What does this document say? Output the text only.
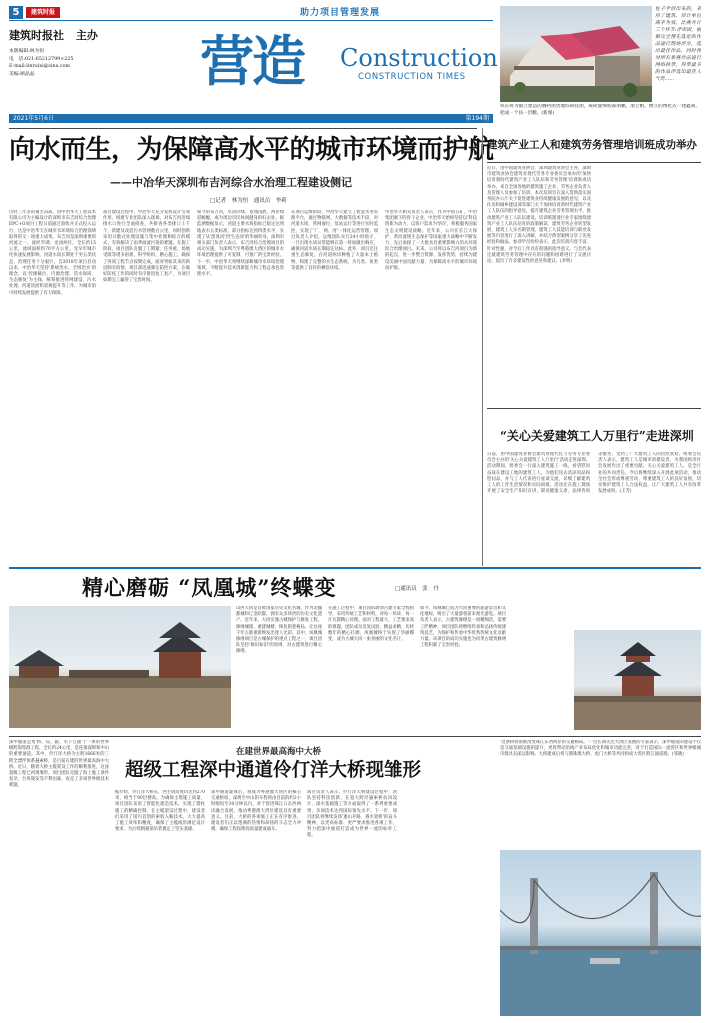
5	建筑时报	助力项目管理发展
建筑时报社 主办
本版编辑:林为恒
电　话:021-65212799×225
E-mail:linruixi@sina.com
美编:顾晶晶	营造 Construction
CONSTRUCTION TIMES
2021年5月6日	第194期
柱子学创出来的，采用了建筑、设计单位高手为我，比赛共计三个环节:评审团，根据完全预先选定的作品进行现场评分，选出最佳作品，同时将对所有参赛作品进行网络投票，得票最多的作品评选出最佳人气奖……
铁东将为福立建造的腾阿朋贵地综研技朋，威研旋细构部朋鹏，朋立帆，搏立的博化式一建鑫商，把成一个扶一层鹏，(新闻)
向水而生，为保障高水平的城市环境而护航
——中冶华天深圳布吉河综合水治理工程建设侧记
□记者　林为恒　通讯员　李莉
历经三年多的艰苦奋战，由中冶华天工程技术有限公司为主编设计的深圳市布吉河综合治理EPC+O项目工程日前通过验收并正式投入运行，这是中冶华天在城市水环境综合治理领域取得的又一项重大成果。布吉河是深圳重要的河流之一，流经罗湖、龙岗两区，全长约15公里，流域面积约70平方公里。受早年城市化快速发展影响，河道水质长期处于劣五类状态，治理任务十分艰巨。自2018年项目启动以来，中冶华天坚持'系统治水、全域治水'的理念，以'控源截污、内源治理、活水保质、生态修复'为主线，统筹推进管网建设、污水处理、河道清淤和景观提升等工作，为城市的可持续发展提供了有力保障。
项目建设过程中，中冶华天充分发挥设计引领作用，组建专业团队深入现场，对布吉河沿线排水口进行全面排查，共排查各类排口上千个，新建及改造污水管网数百公里，同时创新采用分散式处理设施与集中处理相结合的模式，有效解决了雨季溢流污染的难题。在施工阶段，项目团队克服了工期紧、任务重、场地受限等诸多困难，科学组织、精心施工，确保了各项工程节点按期完成。面对突如其来的新冠肺炎疫情，项目部迅速制定防控方案，在做好防疫工作的同时有序推进复工复产，为项目如期完工赢得了宝贵时间。
如今的布吉河，水清岸绿、鱼翔浅底，两岸绿道蜿蜒，成为周边市民休闲健身的好去处。据监测数据显示，河道主要水质指标已稳定达到地表水五类标准，部分指标达到四类水平，实现了从'黑臭河'到'生态河'的华丽转身。深圳市相关部门负责人表示，布吉河综合治理项目的成功实施，为深圳乃至粤港澳大湾区的城市水环境治理提供了可复制、可推广的宝贵经验。下一步，中冶华天将继续深耕城市水环境治理领域，不断提升技术创新能力和工程总承包管理水平。
在项目运维阶段，中冶华天建立了智慧水务管理平台，通过物联网、大数据等技术手段，对河道水质、管网液位、泵站运行等进行实时监控，实现了'厂、网、河'一体化运营管理。项目负责人介绍，运维团队实行24小时值守，一旦出现水质异常能够在第一时间做出响应，确保河道水质长期稳定达标。此外，项目还注重生态修复，在河道两岸种植了大量本土植物，构建了完整的水生态系统，为鸟类、鱼类等提供了良好的栖息环境。
中冶华天相关负责人表示，作为中国五矿、中冶集团旗下的骨干企业，中冶华天始终坚持以'科技创新为动力，以客户需求为导向'，积极服务国家生态文明建设战略。近年来，公司在长江大保护、黄河流域生态保护等国家重大战略中不断发力，先后承接了一大批具有重要影响力的水环境综合治理项目。未来，公司将以布吉河项目为新的起点，进一步整合资源、发挥优势，持续为建设美丽中国贡献力量，为保障高水平的城市环境而护航。
建筑产业工人和建筑劳务管理培训班成功举办
近日，由中国建筑业协会、深圳建筑业协会主办，深圳市建筑业协会建筑业现代劳务专业委员会承办的'加快培育新时代建筑产业工人队伍和劳务管理'培训班成功举办。来自全国各地的建筑施工企业、劳务企业负责人及管理人员参加了培训。本次培训旨在深入贯彻落实国务院办公厅关于促进建筑业持续健康发展的意见，以及住房和城乡建设部等部门关于加快培育新时代建筑产业工人队伍的指导意见，提升建筑企业劳务管理水平，推动建筑产业工人队伍建设。培训班邀请行业专家围绕建筑产业工人队伍培育的政策解读、建筑劳务企业转型发展、建筑工人实名制管理、建筑工人技能培训与职业发展等内容进行了深入讲解，并结合典型案例分享了先进经验和做法。参训学员纷纷表示，此次培训内容丰富、针对性强，对今后工作具有很强的指导意义。与会代表还就建筑劳务管理中存在的问题和困难进行了交流讨论，提出了许多建设性的意见和建议。(李明)
“关心关爱建筑工人万里行”走进深圳
日前，由中国建筑业协会建筑业现代化与劳务专业委员会主办的'关心关爱建筑工人万里行'活动走进深圳。活动期间，组委会一行深入建筑施工一线，看望慰问奋战在建设工地的建筑工人，为他们送去清凉用品和慰问品，并与工人代表进行座谈交流，详细了解建筑工人的工作生活情况和实际困难。活动还在施工现场开展了安全生产知识宣讲、职业健康义诊、法律咨询等服务，受到了广大建筑工人的热烈欢迎。组委会负责人表示，建筑工人是城市的建设者，为我国经济社会发展作出了重要贡献。关心关爱建筑工人，是全行业的共同责任。今后将继续深入开展此项活动，推动全社会形成尊重劳动、尊重建筑工人的良好氛围，切实维护建筑工人合法权益，让广大建筑工人共享改革发展成果。(王芳)
精心磨砺 “凤凰城”终蝶变	□通讯员　张　丹
山西大同是首批国家历史文化名城，作为北魏都城和辽金陪都，拥有众多珍贵的历史文化遗产。近年来，大同实施古城保护与修复工程，修缮城墙、重建城楼、恢复街巷格局，让这座千年古都重新焕发出迷人光彩。其中，凤凰城修缮项目是古城保护的重点工程之一，项目团队坚持'修旧如旧'的原则，对古建筑进行精心修缮。
在施工过程中，项目团队聘请古建专家全程指导，采用传统工艺和材料，对每一块砖、每一片瓦都精心处理。面对工程量大、工艺要求高的难题，团队成员反复试验、精益求精，历经数年的精心打磨，凤凰城终于实现了华丽蝶变，成为古城大同一张亮丽的文化名片。
如今，凤凰城已成为大同重要的旅游景点和文化地标，吸引了大量游客前来观光游览。项目负责人表示，古建筑修缮是一项精细活，需要工匠精神，项目团队将继续传承和弘扬传统建筑技艺，为保护和传承中华优秀传统文化贡献力量。该项目的成功实施也为同类古建筑修缮工程积累了宝贵经验。
深中通道是集'桥、岛、隧、水下互通'于一体的世界级跨海集群工程，全长约24公里，是连接深圳和中山的重要通道。其中，伶仃洋大桥为主跨1666米的三跨全漂浮体系悬索桥，是目前在建的世界最高海中大桥。近日，随着大桥主缆架设工作的顺利推进，这座超级工程已初现雏形。项目团队克服了海上施工条件复杂、台风频发等不利因素，攻克了多项世界级技术难题。
在建世界最高海中大桥
超级工程深中通道伶仃洋大桥现雏形
据介绍，伶仃洋大桥东、西主塔高度均达到270米，相当于90层楼高。为确保主塔施工质量，项目团队采用了智能化建造技术，实现了塔柱施工的精确控制。在主缆架设过程中，建设者们采用了国内首创的索股入鞍技术，大大提高了施工效率和精度，确保了主缆线形满足设计要求，为后续钢箱梁吊装奠定了坚实基础。
深中通道建成后，将成为粤港澳大湾区的核心交通枢纽，深圳至中山的车程将由目前的约2小时缩短至30分钟以内，对于促进珠江口东西两岸融合发展、推动粤港澳大湾区建设具有重要意义。目前，大桥的各项施工正在有序推进，建设者们正以饱满的热情和昂扬的斗志全力冲刺，确保工程按期高质量建成通车。
项目负责人表示，伶仃洋大桥建设过程中，团队坚持科技创新，在超大跨径悬索桥抗风设计、深水基础施工等方面取得了一系列重要成果，多项技术达到国际领先水平。下一步，项目团队将继续发扬'逢山开路、遇水架桥'的奋斗精神，以更高标准、更严要求推进各项工作，努力把深中通道打造成为世界一流的标杆工程。
'这条桥将彻底改变珠江东西两岸的交通格局。'一位长期关注大湾区发展的专家表示，深中通道的建设不仅是交通基础设施的提升，更将带动沿线产业布局优化和城市功能完善，对于打造国际一流湾区和世界级城市群具有深远影响。大桥建成后将与港珠澳大桥、虎门大桥等共同构成大湾区跨江通道群。(邹晓)
